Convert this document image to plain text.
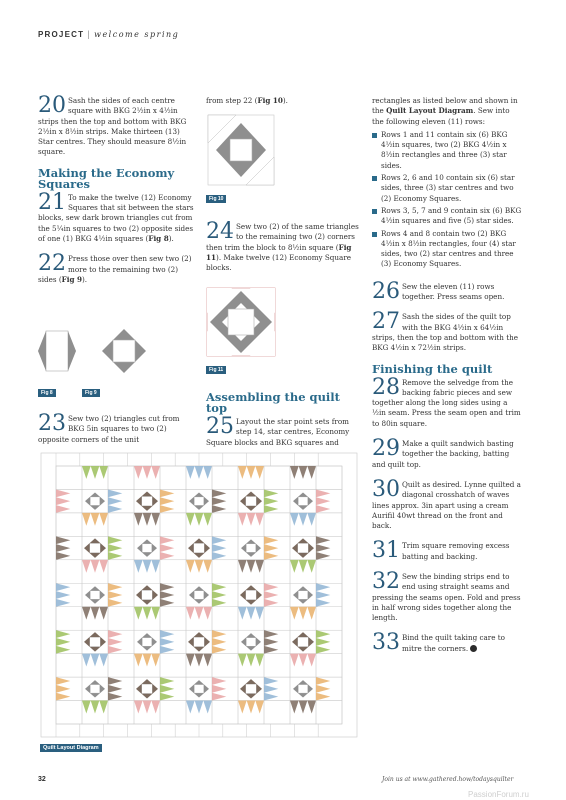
PROJECT | welcome spring
20 Sash the sides of each centre square with BKG 2½in x 4½in strips then the top and bottom with BKG 2½in x 8½in strips. Make thirteen (13) Star centres. They should measure 8½in square.
Making the Economy Squares
21 To make the twelve (12) Economy Squares that sit between the stars blocks, sew dark brown triangles cut from the 5¼in squares to two (2) opposite sides of one (1) BKG 4½in squares (Fig 8).
22 Press those over then sew two (2) more to the remaining two (2) sides (Fig 9).
Fig 8	Fig 9
23 Sew two (2) triangles cut from BKG 5in squares to two (2) opposite corners of the unit
from step 22 (Fig 10).
Fig 10
24 Sew two (2) of the same triangles to the remaining two (2) corners then trim the block to 8½in square (Fig 11). Make twelve (12) Economy Square blocks.
Fig 11
Assembling the quilt top
25 Layout the star point sets from step 14, star centres, Economy Square blocks and BKG squares and
rectangles as listed below and shown in the Quilt Layout Diagram. Sew into the following eleven (11) rows:
Rows 1 and 11 contain six (6) BKG 4½in squares, two (2) BKG 4½in x 8½in rectangles and three (3) star sides.
Rows 2, 6 and 10 contain six (6) star sides, three (3) star centres and two (2) Economy Squares.
Rows 3, 5, 7 and 9 contain six (6) BKG 4½in squares and five (5) star sides.
Rows 4 and 8 contain two (2) BKG 4½in x 8½in rectangles, four (4) star sides, two (2) star centres and three (3) Economy Squares.
26 Sew the eleven (11) rows together. Press seams open.
27 Sash the sides of the quilt top with the BKG 4½in x 64½in strips, then the top and bottom with the BKG 4½in x 72½in strips.
Finishing the quilt
28 Remove the selvedge from the backing fabric pieces and sew together along the long sides using a ½in seam. Press the seam open and trim to 80in square.
29 Make a quilt sandwich basting together the backing, batting and quilt top.
30 Quilt as desired. Lynne quilted a diagonal crosshatch of waves lines approx. 3in apart using a cream Aurifil 40wt thread on the front and back.
31 Trim square removing excess batting and backing.
32 Sew the binding strips end to end using straight seams and pressing the seams open. Fold and press in half wrong sides together along the length.
33 Bind the quilt taking care to mitre the corners.
Quilt Layout Diagram
32	Join us at www.gathered.how/todaysquilter
PassionForum.ru
